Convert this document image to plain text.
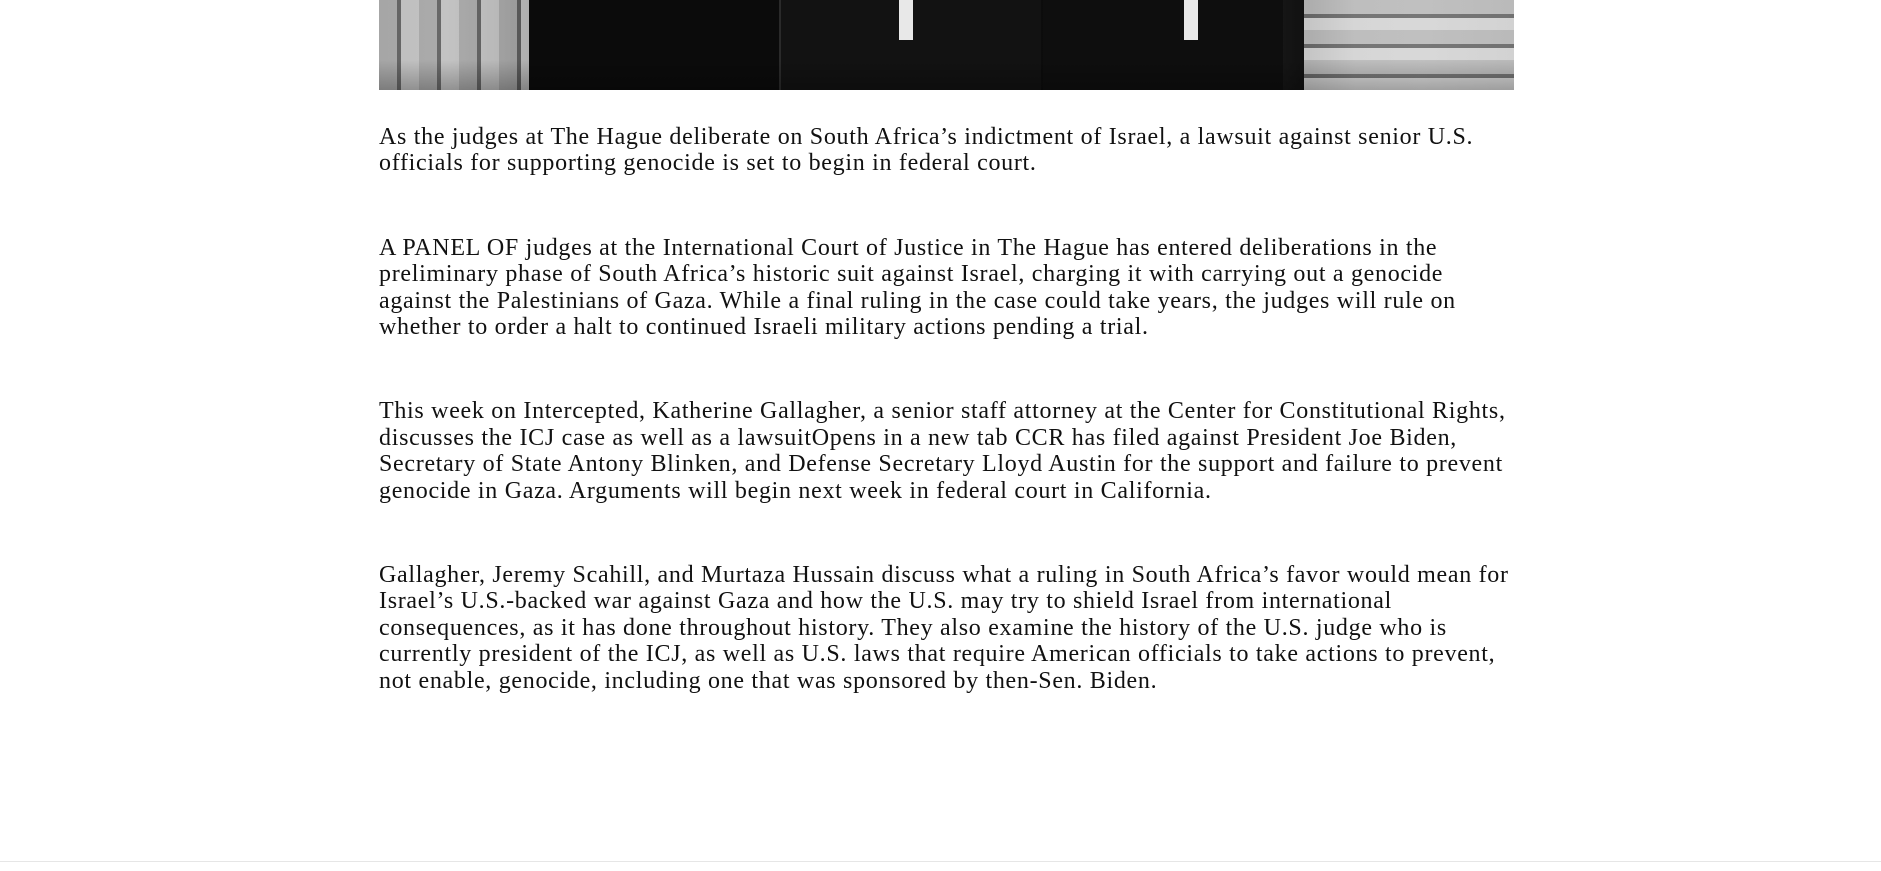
As the judges at The Hague deliberate on South Africa’s indictment of Israel, a lawsuit against senior U.S. officials for supporting genocide is set to begin in federal court.

A PANEL OF judges at the International Court of Justice in The Hague has entered deliberations in the preliminary phase of South Africa’s historic suit against Israel, charging it with carrying out a genocide against the Palestinians of Gaza. While a final ruling in the case could take years, the judges will rule on whether to order a halt to continued Israeli military actions pending a trial.

This week on Intercepted, Katherine Gallagher, a senior staff attorney at the Center for Constitutional Rights, discusses the ICJ case as well as a lawsuitOpens in a new tab CCR has filed against President Joe Biden, Secretary of State Antony Blinken, and Defense Secretary Lloyd Austin for the support and failure to prevent genocide in Gaza. Arguments will begin next week in federal court in California.

Gallagher, Jeremy Scahill, and Murtaza Hussain discuss what a ruling in South Africa’s favor would mean for Israel’s U.S.-backed war against Gaza and how the U.S. may try to shield Israel from international consequences, as it has done throughout history. They also examine the history of the U.S. judge who is currently president of the ICJ, as well as U.S. laws that require American officials to take actions to prevent, not enable, genocide, including one that was sponsored by then-Sen. Biden.
